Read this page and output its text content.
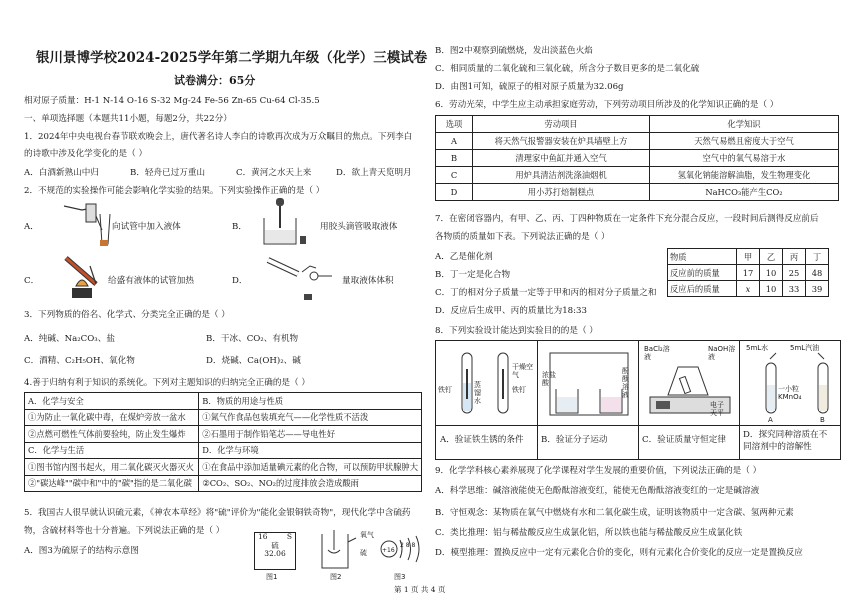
银川景博学校2024-2025学年第二学期九年级（化学）三模试卷
试卷满分：65分
相对原子质量：H-1 N-14 O-16 S-32 Mg-24 Fe-56 Zn-65 Cu-64 Cl-35.5
一、单项选择题（本题共11小题，每题2分，共22分）
1．2024年中央电视台春节联欢晚会上，唐代著名诗人李白的诗歌再次成为万众瞩目的焦点。下列李白
的诗歌中涉及化学变化的是（ ）
A．白酒新熟山中归	B．轻舟已过万重山	C．黄河之水天上来	D．欲上青天览明月
2．不规范的实验操作可能会影响化学实验的结果。下列实验操作正确的是（ ）
A．	向试管中加入液体	B．	用胶头滴管吸取液体
C．	给盛有液体的试管加热	D．	量取液体体积
3．下列物质的俗名、化学式、分类完全正确的是（ ）
A．纯碱、Na₂CO₃、盐	B．干冰、CO₂、有机物
C．酒精、C₂H₅OH、氧化物	D．烧碱、Ca(OH)₂、碱
4.善于归纳有利于知识的系统化。下列对主题知识的归纳完全正确的是（ ）
A．化学与安全	B．物质的用途与性质
①为防止一氧化碳中毒，在煤炉旁放一盆水	①氮气作食品包装填充气——化学性质不活泼
②点燃可燃性气体前要验纯，防止发生爆炸	②石墨用于制作铅笔芯——导电性好
C．化学与生活	D．化学与环境
①图书馆内图书起火，用二氧化碳灭火器灭火	①在食品中添加适量碘元素的化合物，可以预防甲状腺肿大
②"碳达峰""碳中和"中的"碳"指的是二氧化碳	②CO₂、SO₂、NO₂的过度排放会造成酸雨
5．我国古人很早就认识硫元素，《神农本草经》将"硫"评价为"能化金银铜铁奇物"，现代化学中含硫药
物，含硫材料等也十分普遍。下列说法正确的是（ ）
A．图3为硫原子的结构示意图
16	S
硫
32.06
图1
氧气
硫
图2
+16
2 8 8
图3
B．图2中观察到硫燃烧，发出淡蓝色火焰
C．相同质量的二氧化硫和三氧化硫，所含分子数目更多的是二氧化硫
D．由图1可知，硫原子的相对原子质量为32.06g
6．劳动光荣，中学生应主动承担家庭劳动，下列劳动项目所涉及的化学知识正确的是（ ）
选项	劳动项目	化学知识
A	将天然气报警器安装在炉具墙壁上方	天然气易燃且密度大于空气
B	清理家中鱼缸并通入空气	空气中的氧气易溶于水
C	用炉具清洁剂洗涤油烟机	氢氧化钠能溶解油脂，发生物理变化
D	用小苏打焙制糕点	NaHCO₃能产生CO₂
7．在密闭容器内，有甲、乙、丙、丁四种物质在一定条件下充分混合反应，一段时间后测得反应前后
各物质的质量如下表。下列说法正确的是（ ）
A．乙是催化剂
B．丁一定是化合物
C．丁的相对分子质量一定等于甲和丙的相对分子质量之和
D．反应后生成甲、丙的质量比为18:33
物质	甲	乙	丙	丁
反应前的质量	17	10	25	48
反应后的质量	x	10	33	39
8．下列实验设计能达到实验目的的是（ ）
铁钉
蒸馏水
干燥空气
铁钉
浓盐酸
酚酞溶液
BaCl₂溶液
NaOH溶液
电子天平
5mL水	5mL汽油
一小粒KMnO₄
A	B
A．验证铁生锈的条件 B．验证分子运动	C．验证质量守恒定律 D．探究同种溶质在不同溶剂中的溶解性
9．化学学科核心素养展现了化学课程对学生发展的重要价值，下列说法正确的是（ ）
A．科学思维：碱溶液能使无色酚酞溶液变红，能使无色酚酞溶液变红的一定是碱溶液
B．守恒观念：某物质在氧气中燃烧有水和二氧化碳生成，证明该物质中一定含碳、氢两种元素
C．类比推理：铝与稀盐酸反应生成氯化铝，所以铁也能与稀盐酸反应生成氯化铁
D．模型推理：置换反应中一定有元素化合价的变化，则有元素化合价变化的反应一定是置换反应
第 1 页 共 4 页
